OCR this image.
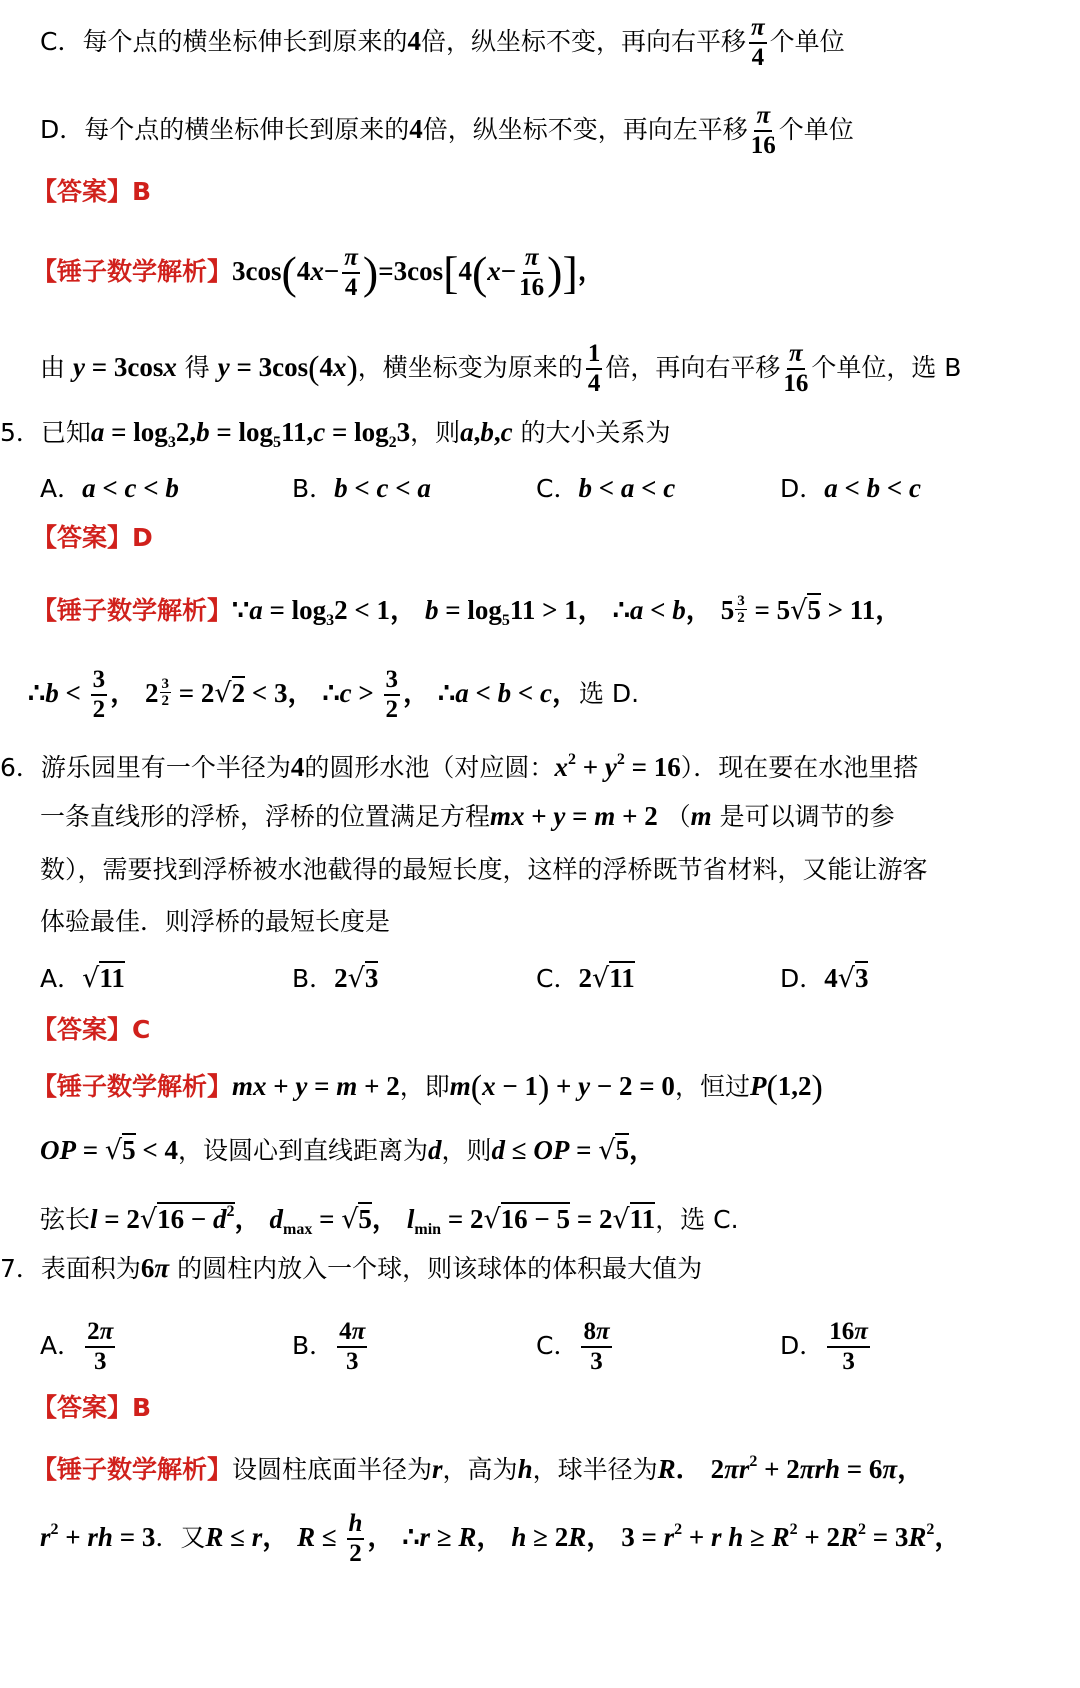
C．每个点的横坐标伸长到原来的4倍，纵坐标不变，再向右平移 $\frac{\pi}{4}$ 个单位
D．每个点的横坐标伸长到原来的4倍，纵坐标不变，再向左平移 $\frac{\pi}{16}$ 个单位
【答案】B
【锤子数学解析】$3\cos(4x- \frac{\pi}{4} )=3\cos[4(x- \frac{\pi}{16}$ )]，
由 y = 3cosx 得 y = 3cos(4x)，横坐标变为原来的 $\frac{1}{4}$ 倍，再向右平移 $\frac{\pi}{16}$ 个单位，选 B
5．已知$a = \log_32,b = \log_511,c = \log_23$，则a,b,c 的大小关系为
A．a < c < b	B．b < c < a	C．b < a < c	D．a < b < c
【答案】D
【锤子数学解析】∵a = $\log_32 < 1$， $b = \log_511 > 1$， ∴a < b， $5 \frac{3}{2} = 5√5 > 11$，
∴b < $\frac{3}{2}$ ， $2 \frac{3}{2} = 2√2 < 3$， ∴c > $\frac{3}{2}$ ， ∴a < b < c，选 D.
6．游乐园里有一个半径为4的圆形水池（对应圆：$x^2 + y^2 = 16$）．现在要在水池里搭
一条直线形的浮桥，浮桥的位置满足方程mx + y = m + 2 （m 是可以调节的参
数），需要找到浮桥被水池截得的最短长度，这样的浮桥既节省材料，又能让游客
体验最佳．则浮桥的最短长度是
A．√11	B．2√3	C．2√11	D．4√3
【答案】C
【锤子数学解析】mx + y = m + 2，即m(x − 1) + y − 2 = 0，恒过P(1,2)
OP = √5 < 4，设圆心到直线距离为d，则d ≤ OP = √5，
弦长$l = 2√16 - d^2$， $d_{max} = √5$， $l_{min} = 2√16 - 5 = 2√11$，选 C.
7．表面积为6π 的圆柱内放入一个球，则该球体的体积最大值为
A． $\frac{2\pi}{3}$	B． $\frac{4\pi}{3}$	C． $\frac{8\pi}{3}$	D． $\frac{16\pi}{3}$
【答案】B
【锤子数学解析】设圆柱底面半径为r，高为h，球半径为R． $2\pi r^2 + 2\pi rh = 6\pi$，
$r^2$ + rh = 3．又R ≤ r， $R \le \frac{h}{2}$ ， ∴r ≥ R， h ≥ 2R， $3 = r^2 + r$ $h \ge R^2 + 2R^2 = 3R^2$，
